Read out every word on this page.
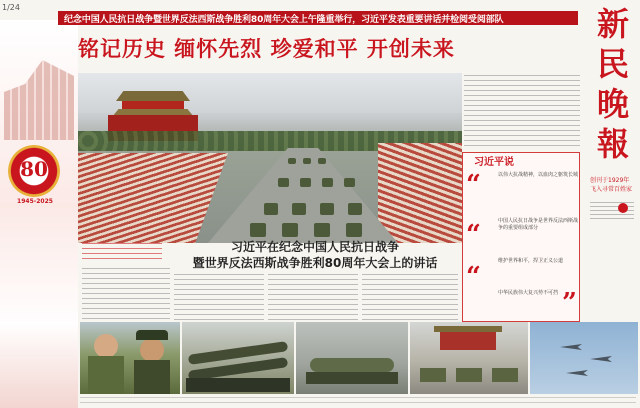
80
1945-2025
1/24
纪念中国人民抗日战争暨世界反法西斯战争胜利80周年大会上午隆重举行，习近平发表重要讲话并检阅受阅部队
铭记历史 缅怀先烈 珍爱和平 开创未来
新
民
晚
報
创刊于1929年 飞入寻常百姓家
习近平在纪念中国人民抗日战争
暨世界反法西斯战争胜利80周年大会上的讲话
习近平说
“	以伟大抗战精神，以血肉之躯筑长城
“	中国人民抗日战争是世界反法西斯战争的重要组成部分
“
维护世界和平，捍卫正义公道
”
中华民族伟大复兴势不可挡
